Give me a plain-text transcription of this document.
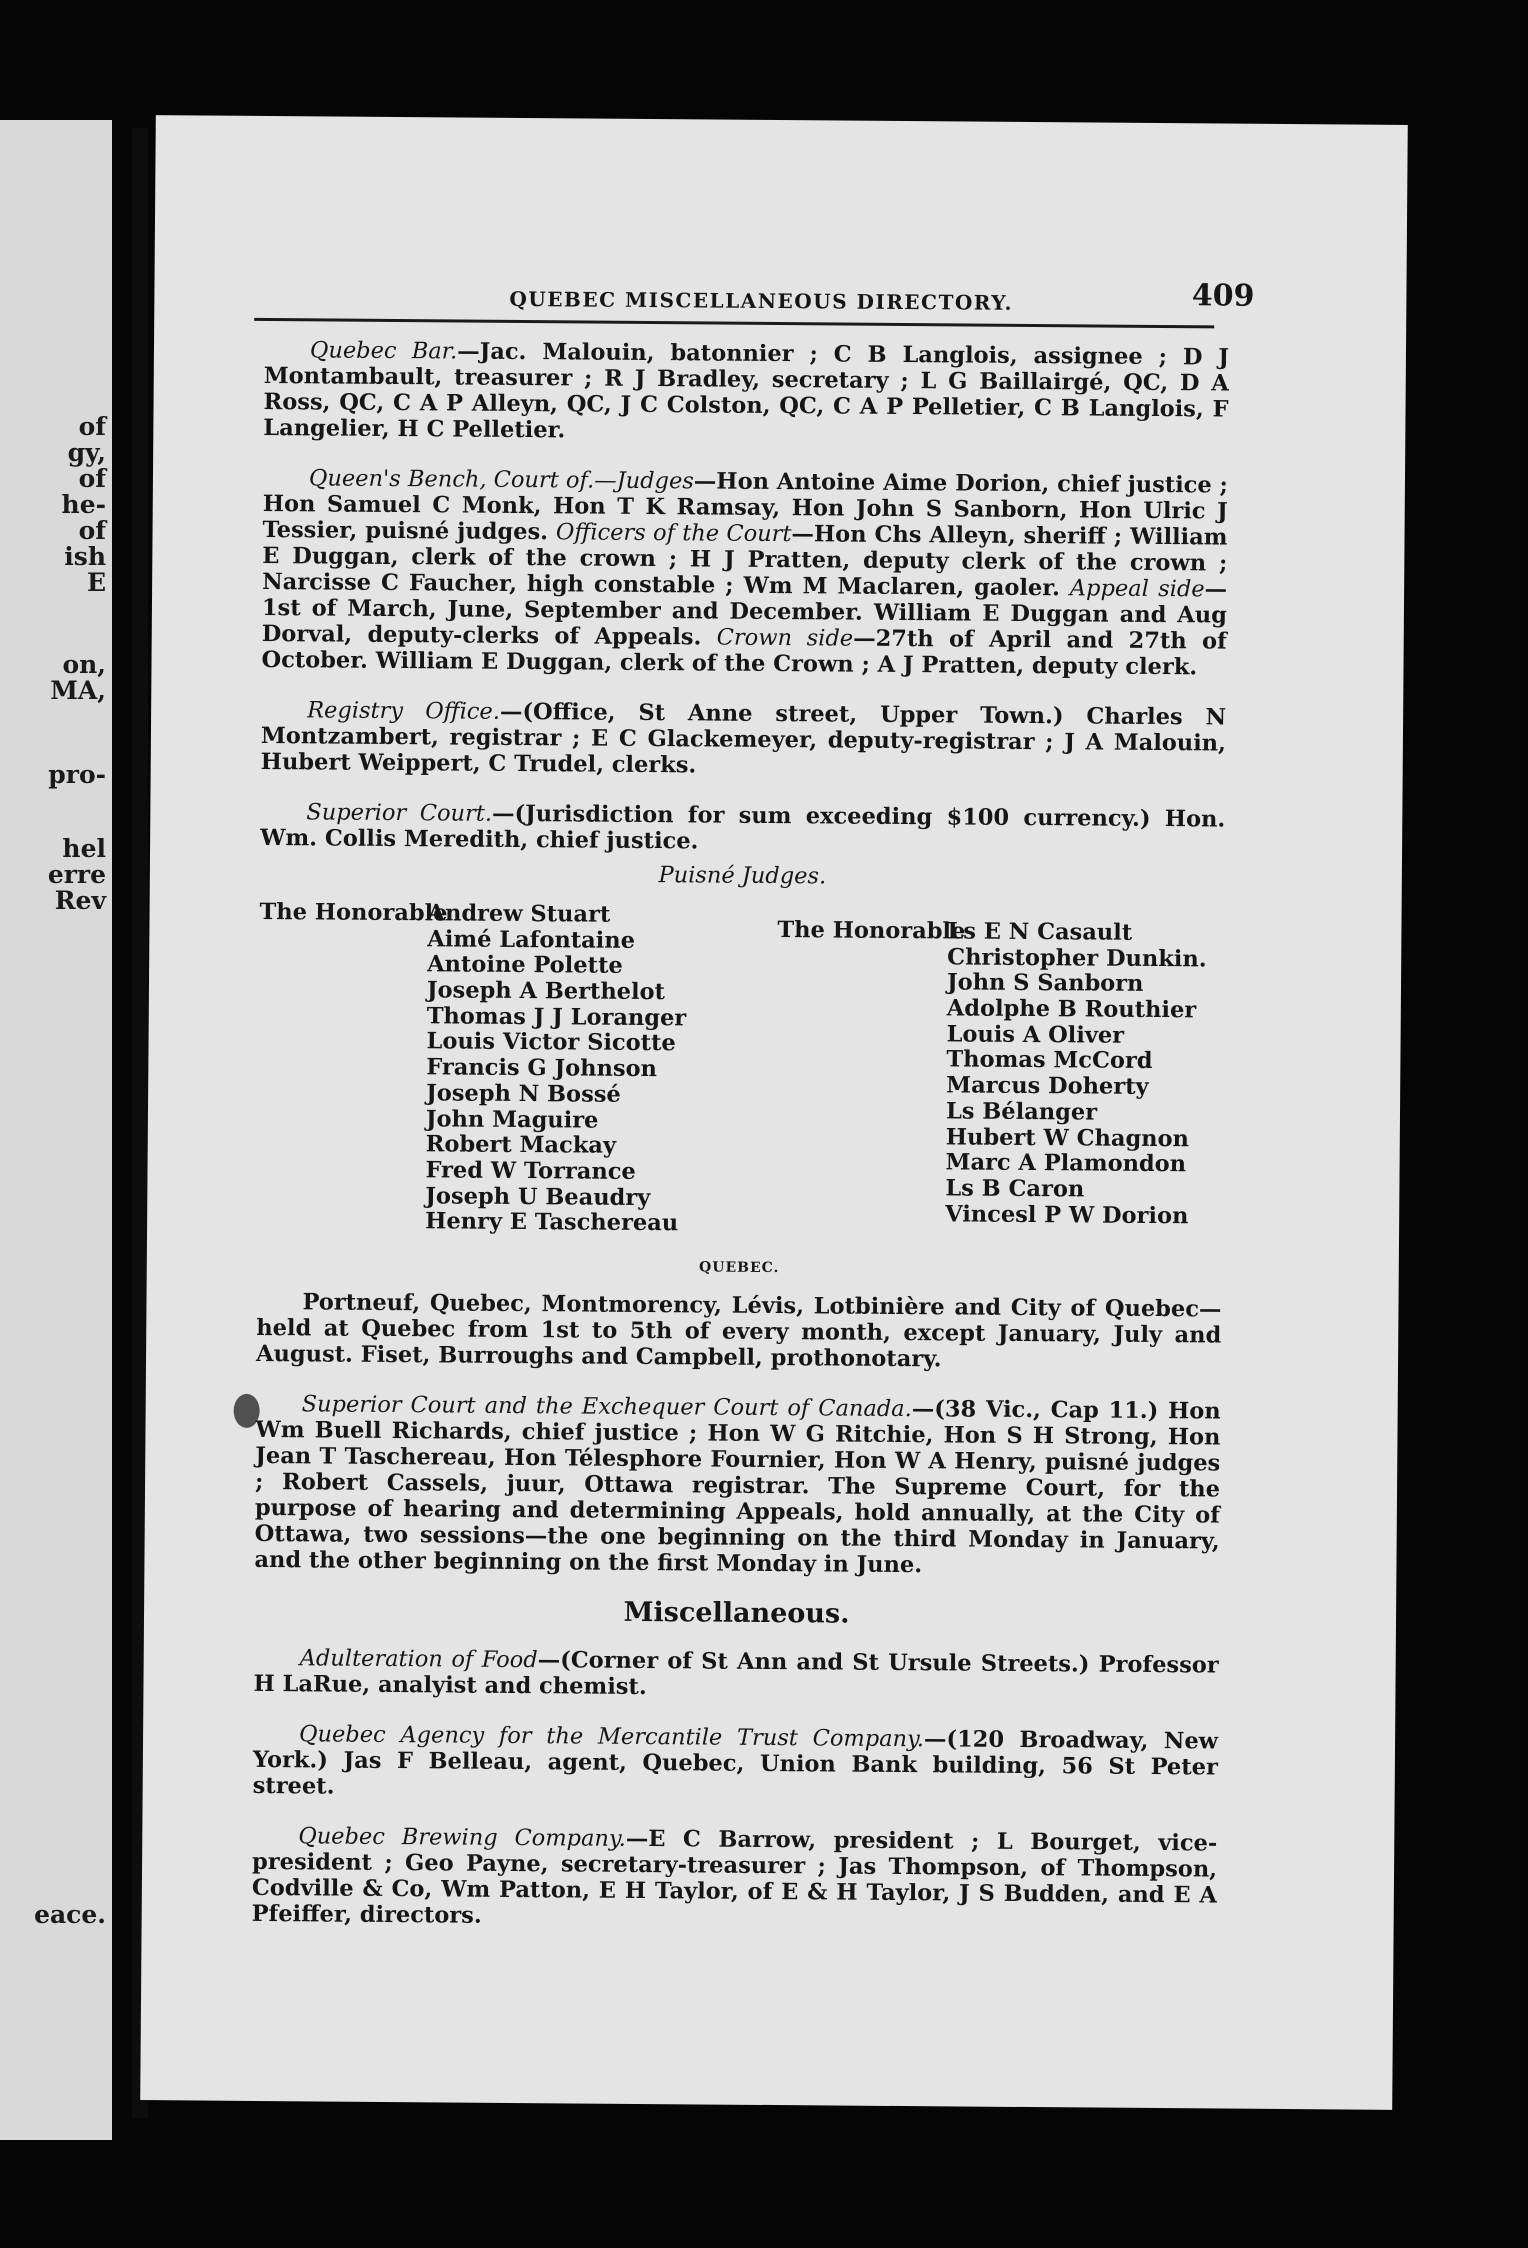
of
gy,
of
he-
of
ish
E
on,
MA,
pro-
hel
erre
Rev
eace.
QUEBEC MISCELLANEOUS DIRECTORY.	409

Quebec Bar.—Jac. Malouin, batonnier ; C B Langlois, assignee ; D J Montambault, treasurer ; R J Bradley, secretary ; L G Baillairgé, QC, D A Ross, QC, C A P Alleyn, QC, J C Colston, QC, C A P Pelletier, C B Langlois, F Langelier, H C Pelletier.

Queen's Bench, Court of.—Judges—Hon Antoine Aime Dorion, chief justice ; Hon Samuel C Monk, Hon T K Ramsay, Hon John S Sanborn, Hon Ulric J Tessier, puisné judges. Officers of the Court—Hon Chs Alleyn, sheriff ; William E Duggan, clerk of the crown ; H J Pratten, deputy clerk of the crown ; Narcisse C Faucher, high constable ; Wm M Maclaren, gaoler. Appeal side—1st of March, June, September and December. William E Duggan and Aug Dorval, deputy-clerks of Appeals. Crown side—27th of April and 27th of October. William E Duggan, clerk of the Crown ; A J Pratten, deputy clerk.

Registry Office.—(Office, St Anne street, Upper Town.) Charles N Montzambert, registrar ; E C Glackemeyer, deputy-registrar ; J A Malouin, Hubert Weippert, C Trudel, clerks.

Superior Court.—(Jurisdiction for sum exceeding $100 currency.) Hon. Wm. Collis Meredith, chief justice.

Puisné Judges.
The Honorable
Andrew Stuart
Aimé Lafontaine
Antoine Polette
Joseph A Berthelot
Thomas J J Loranger
Louis Victor Sicotte
Francis G Johnson
Joseph N Bossé
John Maguire
Robert Mackay
Fred W Torrance
Joseph U Beaudry
Henry E Taschereau
The Honorable
Ls E N Casault
Christopher Dunkin.
John S Sanborn
Adolphe B Routhier
Louis A Oliver
Thomas McCord
Marcus Doherty
Ls Bélanger
Hubert W Chagnon
Marc A Plamondon
Ls B Caron
Vincesl P W Dorion
QUEBEC.

Portneuf, Quebec, Montmorency, Lévis, Lotbinière and City of Quebec—held at Quebec from 1st to 5th of every month, except January, July and August. Fiset, Burroughs and Campbell, prothonotary.

Superior Court and the Exchequer Court of Canada.—(38 Vic., Cap 11.) Hon Wm Buell Richards, chief justice ; Hon W G Ritchie, Hon S H Strong, Hon Jean T Taschereau, Hon Télesphore Fournier, Hon W A Henry, puisné judges ; Robert Cassels, juur, Ottawa registrar. The Supreme Court, for the purpose of hearing and determining Appeals, hold annually, at the City of Ottawa, two sessions—the one beginning on the third Monday in January, and the other beginning on the first Monday in June.

Miscellaneous.

Adulteration of Food—(Corner of St Ann and St Ursule Streets.) Professor H LaRue, analyist and chemist.

Quebec Agency for the Mercantile Trust Company.—(120 Broadway, New York.) Jas F Belleau, agent, Quebec, Union Bank building, 56 St Peter street.

Quebec Brewing Company.—E C Barrow, president ; L Bourget, vice-president ; Geo Payne, secretary-treasurer ; Jas Thompson, of Thompson, Codville & Co, Wm Patton, E H Taylor, of E & H Taylor, J S Budden, and E A Pfeiffer, directors.
